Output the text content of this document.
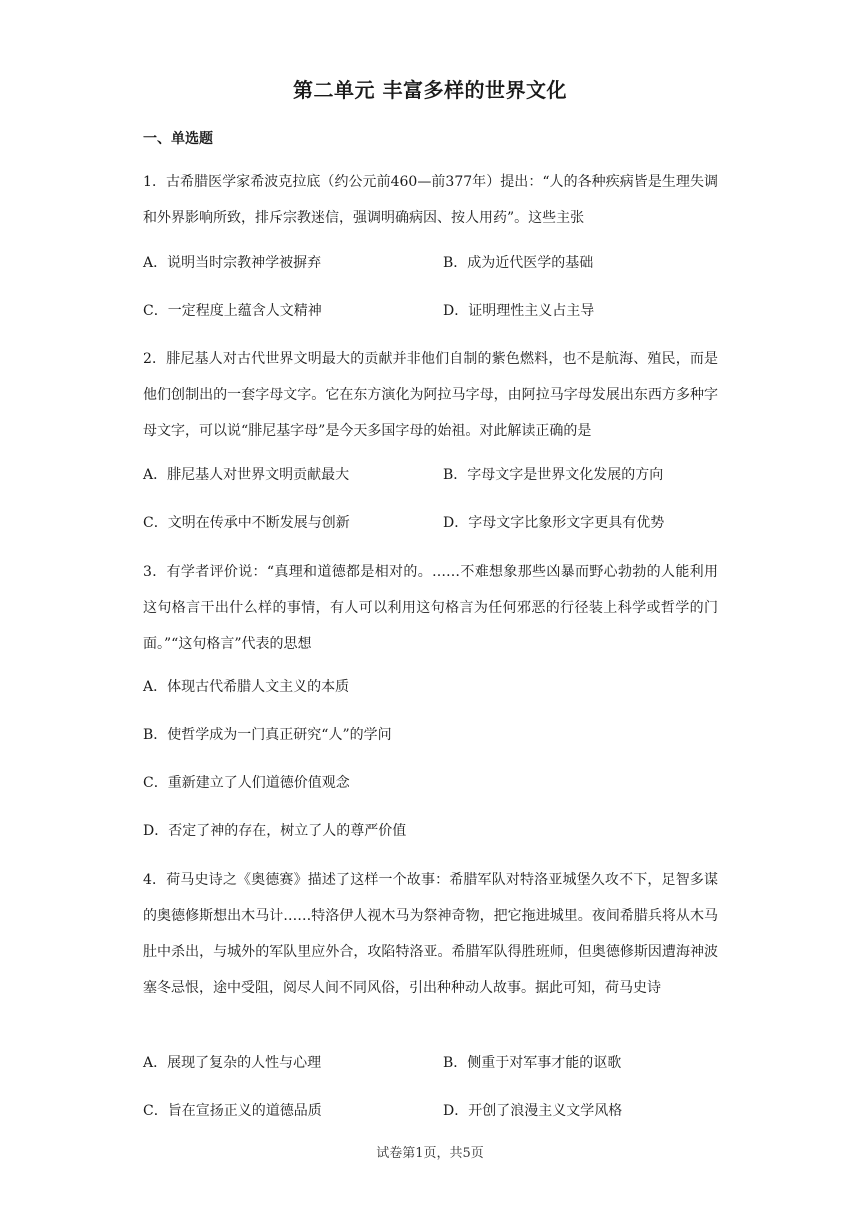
第二单元 丰富多样的世界文化
一、单选题

1．古希腊医学家希波克拉底（约公元前460—前377年）提出：“人的各种疾病皆是生理失调和外界影响所致，排斥宗教迷信，强调明确病因、按人用药”。这些主张

A．说明当时宗教神学被摒弃	B．成为近代医学的基础
C．一定程度上蕴含人文精神	D．证明理性主义占主导

2．腓尼基人对古代世界文明最大的贡献并非他们自制的紫色燃料，也不是航海、殖民，而是他们创制出的一套字母文字。它在东方演化为阿拉马字母，由阿拉马字母发展出东西方多种字母文字，可以说“腓尼基字母”是今天多国字母的始祖。对此解读正确的是

A．腓尼基人对世界文明贡献最大	B．字母文字是世界文化发展的方向
C．文明在传承中不断发展与创新	D．字母文字比象形文字更具有优势

3．有学者评价说：“真理和道德都是相对的。……不难想象那些凶暴而野心勃勃的人能利用这句格言干出什么样的事情，有人可以利用这句格言为任何邪恶的行径装上科学或哲学的门面。”“这句格言”代表的思想

A．体现古代希腊人文主义的本质
B．使哲学成为一门真正研究“人”的学问
C．重新建立了人们道德价值观念
D．否定了神的存在，树立了人的尊严价值

4．荷马史诗之《奥德赛》描述了这样一个故事：希腊军队对特洛亚城堡久攻不下，足智多谋的奥德修斯想出木马计……特洛伊人视木马为祭神奇物，把它拖进城里。夜间希腊兵将从木马肚中杀出，与城外的军队里应外合，攻陷特洛亚。希腊军队得胜班师，但奥德修斯因遭海神波塞冬忌恨，途中受阻，阅尽人间不同风俗，引出种种动人故事。据此可知，荷马史诗

A．展现了复杂的人性与心理	B．侧重于对军事才能的讴歌
C．旨在宣扬正义的道德品质	D．开创了浪漫主义文学风格
试卷第1页，共5页
